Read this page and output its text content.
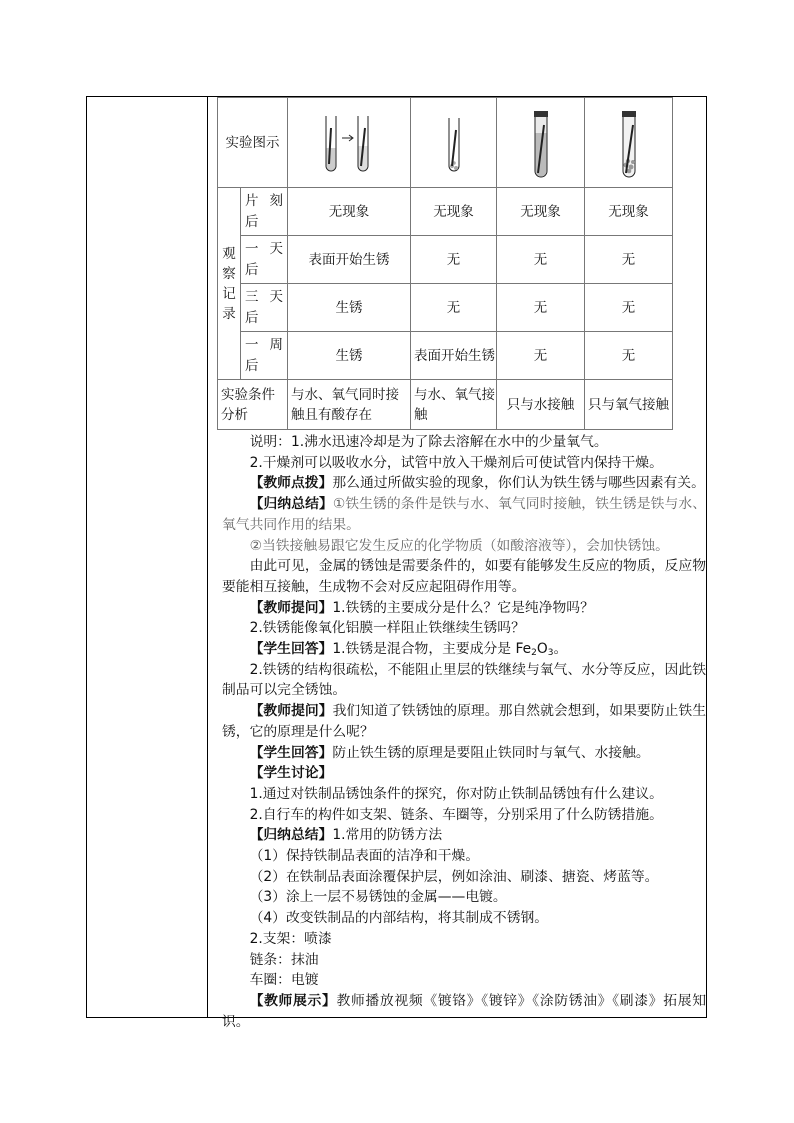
实验图示	

观察记录	片刻后	无现象	无现象	无现象	无现象

	一天后	表面开始生锈	无	无	无

	三天后	生锈	无	无	无

	一周后	生锈	表面开始生锈	无	无
实验条件分析		与水、氧气同时接触且有酸存在	与水、氧气接触	只与水接触	只与氧气接触

说明：1.沸水迅速冷却是为了除去溶解在水中的少量氧气。

2.干燥剂可以吸收水分，试管中放入干燥剂后可使试管内保持干燥。

【教师点拨】那么通过所做实验的现象，你们认为铁生锈与哪些因素有关。

【归纳总结】①铁生锈的条件是铁与水、氧气同时接触，铁生锈是铁与水、氧气共同作用的结果。

②当铁接触易跟它发生反应的化学物质（如酸溶液等），会加快锈蚀。

由此可见，金属的锈蚀是需要条件的，如要有能够发生反应的物质，反应物要能相互接触，生成物不会对反应起阻碍作用等。

【教师提问】1.铁锈的主要成分是什么？它是纯净物吗？

2.铁锈能像氧化铝膜一样阻止铁继续生锈吗？

【学生回答】1.铁锈是混合物，主要成分是 $Fe_2O_3$。

2.铁锈的结构很疏松，不能阻止里层的铁继续与氧气、水分等反应，因此铁制品可以完全锈蚀。

【教师提问】我们知道了铁锈蚀的原理。那自然就会想到，如果要防止铁生锈，它的原理是什么呢？

【学生回答】防止铁生锈的原理是要阻止铁同时与氧气、水接触。

【学生讨论】

1.通过对铁制品锈蚀条件的探究，你对防止铁制品锈蚀有什么建议。

2.自行车的构件如支架、链条、车圈等，分别采用了什么防锈措施。

【归纳总结】1.常用的防锈方法

（1）保持铁制品表面的洁净和干燥。

（2）在铁制品表面涂覆保护层，例如涂油、刷漆、搪瓷、烤蓝等。

（3）涂上一层不易锈蚀的金属——电镀。

（4）改变铁制品的内部结构，将其制成不锈钢。

2.支架：喷漆

链条：抹油

车圈：电镀

【教师展示】教师播放视频《镀铬》《镀锌》《涂防锈油》《刷漆》拓展知识。
